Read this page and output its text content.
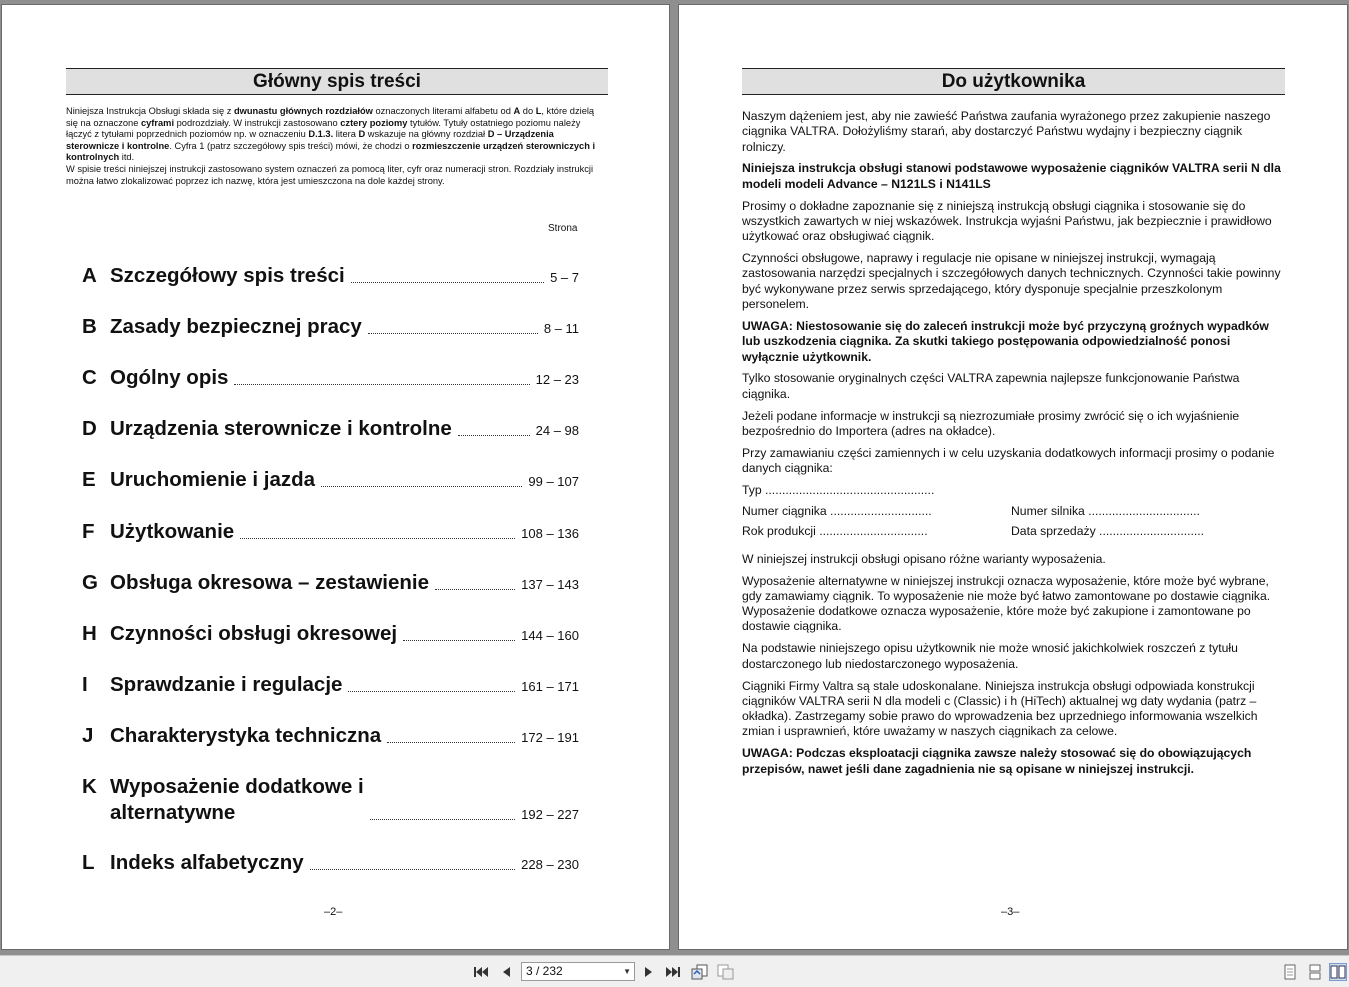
Główny spis treści
Niniejsza Instrukcja Obsługi składa się z dwunastu głównych rozdziałów oznaczonych literami alfabetu od A do L, które dzielą się na oznaczone cyframi podrozdziały. W instrukcji zastosowano cztery poziomy tytułów. Tytuły ostatniego poziomu należy łączyć z tytułami poprzednich poziomów np. w oznaczeniu D.1.3. litera D wskazuje na główny rozdział D – Urządzenia sterownicze i kontrolne. Cyfra 1 (patrz szczegółowy spis treści) mówi, że chodzi o rozmieszczenie urządzeń sterowniczych i kontrolnych itd.
W spisie treści niniejszej instrukcji zastosowano system oznaczeń za pomocą liter, cyfr oraz numeracji stron. Rozdziały instrukcji można łatwo zlokalizować poprzez ich nazwę, która jest umieszczona na dole każdej strony.
Strona
A Szczegółowy spis treści	5 – 7
B Zasady bezpiecznej pracy	8 – 11
C Ogólny opis	12 – 23
D Urządzenia sterownicze i kontrolne	24 – 98
E Uruchomienie i jazda	99 – 107
F Użytkowanie	108 – 136
G Obsługa okresowa – zestawienie	137 – 143
H Czynności obsługi okresowej	144 – 160
I	Sprawdzanie i regulacje	161 – 171
J Charakterystyka techniczna	172 – 191
K Wyposażenie dodatkowe i
alternatywne	192 – 227
L Indeks alfabetyczny	228 – 230
–2–
Do użytkownika

Naszym dążeniem jest, aby nie zawieść Państwa zaufania wyrażonego przez zakupienie naszego ciągnika VALTRA. Dołożyliśmy starań, aby dostarczyć Państwu wydajny i bezpieczny ciągnik rolniczy.

Niniejsza instrukcja obsługi stanowi podstawowe wyposażenie ciągników VALTRA serii N dla modeli modeli Advance – N121LS i N141LS

Prosimy o dokładne zapoznanie się z niniejszą instrukcją obsługi ciągnika i stosowanie się do wszystkich zawartych w niej wskazówek. Instrukcja wyjaśni Państwu, jak bezpiecznie i prawidłowo użytkować oraz obsługiwać ciągnik.

Czynności obsługowe, naprawy i regulacje nie opisane w niniejszej instrukcji, wymagają zastosowania narzędzi specjalnych i szczegółowych danych technicznych. Czynności takie powinny być wykonywane przez serwis sprzedającego, który dysponuje specjalnie przeszkolonym personelem.

UWAGA: Niestosowanie się do zaleceń instrukcji może być przyczyną groźnych wypadków lub uszkodzenia ciągnika. Za skutki takiego postępowania odpowiedzialność ponosi wyłącznie użytkownik.

Tylko stosowanie oryginalnych części VALTRA zapewnia najlepsze funkcjonowanie Państwa ciągnika.

Jeżeli podane informacje w instrukcji są niezrozumiałe prosimy zwrócić się o ich wyjaśnienie bezpośrednio do Importera (adres na okładce).

Przy zamawianiu części zamiennych i w celu uzyskania dodatkowych informacji prosimy o podanie danych ciągnika:

Typ ..................................................
Numer ciągnika ..............................	Numer silnika .................................
Rok produkcji ................................	Data sprzedaży ...............................

W niniejszej instrukcji obsługi opisano różne warianty wyposażenia.

Wyposażenie alternatywne w niniejszej instrukcji oznacza wyposażenie, które może być wybrane, gdy zamawiamy ciągnik. To wyposażenie nie może być łatwo zamontowane po dostawie ciągnika. Wyposażenie dodatkowe oznacza wyposażenie, które może być zakupione i zamontowane po dostawie ciągnika.

Na podstawie niniejszego opisu użytkownik nie może wnosić jakichkolwiek roszczeń z tytułu dostarczonego lub niedostarczonego wyposażenia.

Ciągniki Firmy Valtra są stale udoskonalane. Niniejsza instrukcja obsługi odpowiada konstrukcji ciągników VALTRA serii N dla modeli c (Classic) i h (HiTech) aktualnej wg daty wydania (patrz – okładka). Zastrzegamy sobie prawo do wprowadzenia bez uprzedniego informowania wszelkich zmian i usprawnień, które uważamy w naszych ciągnikach za celowe.

UWAGA: Podczas eksploatacji ciągnika zawsze należy stosować się do obowiązujących przepisów, nawet jeśli dane zagadnienia nie są opisane w niniejszej instrukcji.

–3–
3 / 232	▼
